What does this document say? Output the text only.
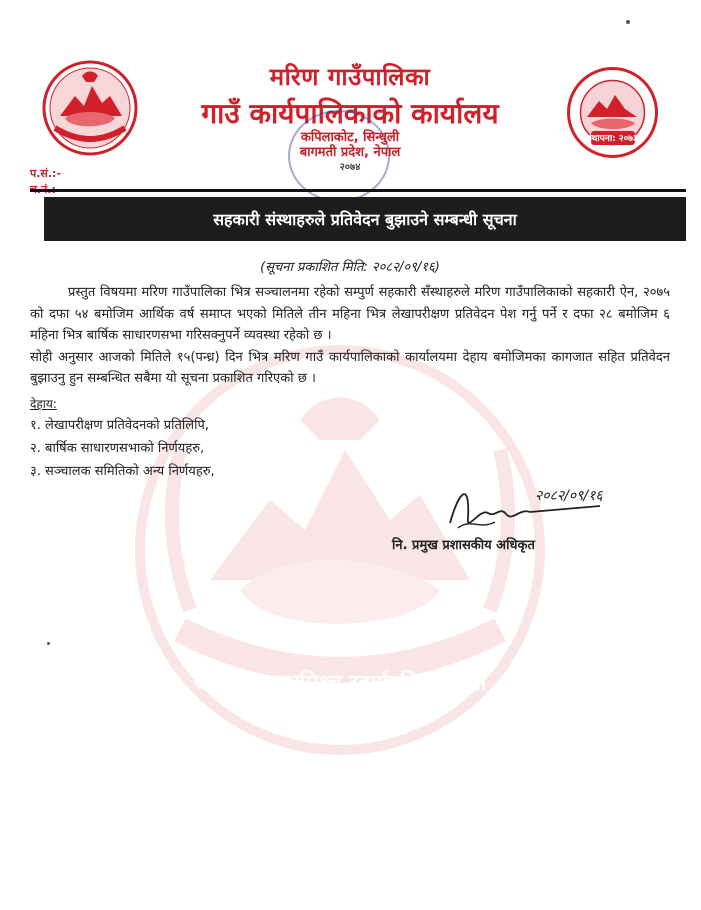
जननी जन्मभूमिश्च स्वर्गादपि गरीयसी
स्थापना: २०७३
मरिण गाउँपालिका
गाउँ कार्यपालिकाको कार्यालय
कपिलाकोट, सिन्धुली
बागमती प्रदेश, नेपाल
२०७४
प.सं.:-
सहकारी संस्थाहरुले प्रतिवेदन बुझाउने सम्बन्धी सूचना
(सूचना प्रकाशित मिति: २०८२/०९/१६)
प्रस्तुत विषयमा मरिण गाउँपालिका भित्र सञ्चालनमा रहेको सम्पुर्ण सहकारी सँस्थाहरुले मरिण गाउँपालिकाको सहकारी ऐन, २०७५ को दफा ५४ बमोजिम आर्थिक वर्ष समाप्त भएको मितिले तीन महिना भित्र लेखापरीक्षण प्रतिवेदन पेश गर्नु पर्ने र दफा २८ बमोजिम ६ महिना भित्र बार्षिक साधारणसभा गरिसक्नुपर्ने व्यवस्था रहेको छ ।
सोही अनुसार आजको मितिले १५(पन्ध्र) दिन भित्र मरिण गाउँ कार्यपालिकाको कार्यालयमा देहाय बमोजिमका कागजात सहित प्रतिवेदन बुझाउनु हुन सम्बन्धित सबैमा यो सूचना प्रकाशित गरिएको छ ।
देहाय:
१. लेखापरीक्षण प्रतिवेदनको प्रतिलिपि,
२. बार्षिक साधारणसभाको निर्णयहरु,
३. सञ्चालक समितिको अन्य निर्णयहरु,
२०८२/०९/१६
नि. प्रमुख प्रशासकीय अधिकृत
